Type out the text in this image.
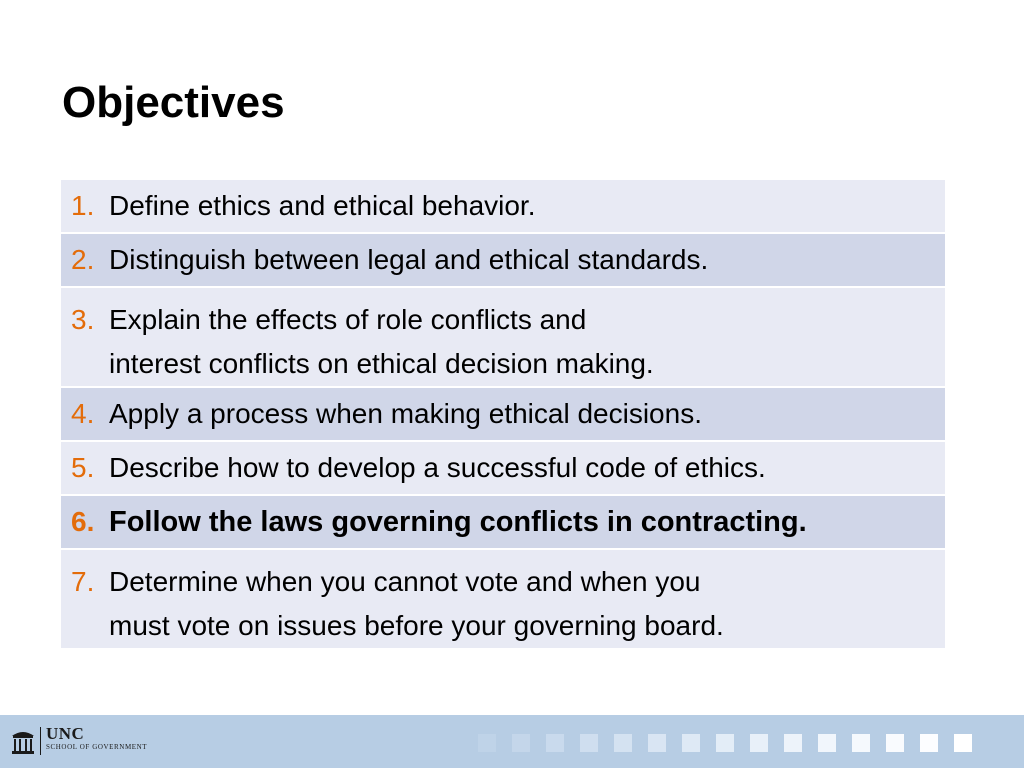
Objectives
1. Define ethics and ethical behavior.
2. Distinguish between legal and ethical standards.
3. Explain the effects of role conflicts and
interest conflicts on ethical decision making.
4. Apply a process when making ethical decisions.
5. Describe how to develop a successful code of ethics.
6. Follow the laws governing conflicts in contracting.
7. Determine when you cannot vote and when you
must vote on issues before your governing board.
UNC
SCHOOL OF GOVERNMENT
